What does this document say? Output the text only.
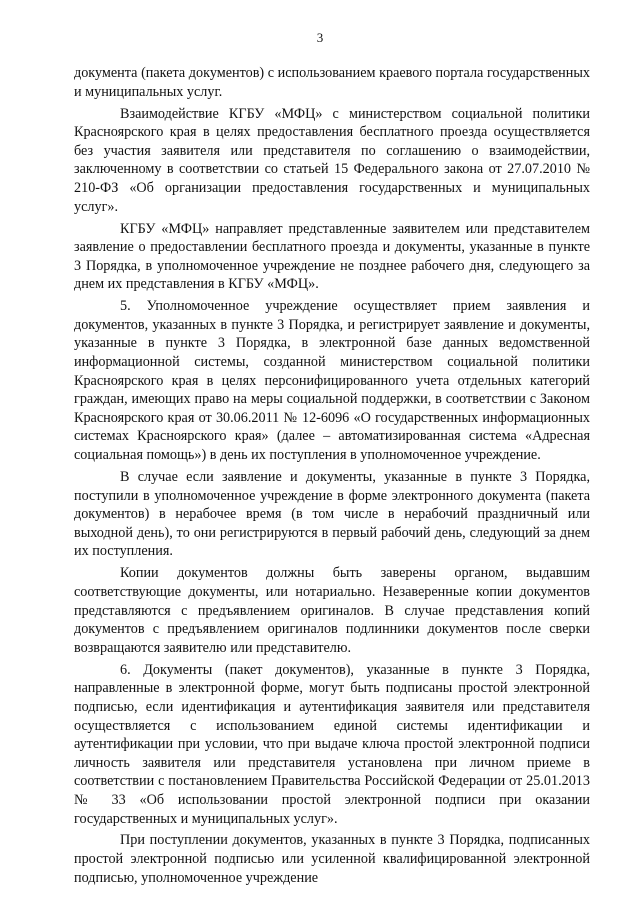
3

документа (пакета документов) с использованием краевого портала государственных и муниципальных услуг.

Взаимодействие КГБУ «МФЦ» с министерством социальной политики Красноярского края в целях предоставления бесплатного проезда осуществляется без участия заявителя или представителя по соглашению о взаимодействии, заключенному в соответствии со статьей 15 Федерального закона от 27.07.2010 № 210-ФЗ «Об организации предоставления государственных и муниципальных услуг».

КГБУ «МФЦ» направляет представленные заявителем или представителем заявление о предоставлении бесплатного проезда и документы, указанные в пункте 3 Порядка, в уполномоченное учреждение не позднее рабочего дня, следующего за днем их представления в КГБУ «МФЦ».

5. Уполномоченное учреждение осуществляет прием заявления и документов, указанных в пункте 3 Порядка, и регистрирует заявление и документы, указанные в пункте 3 Порядка, в электронной базе данных ведомственной информационной системы, созданной министерством социальной политики Красноярского края в целях персонифицированного учета отдельных категорий граждан, имеющих право на меры социальной поддержки, в соответствии с Законом Красноярского края от 30.06.2011 № 12-6096 «О государственных информационных системах Красноярского края» (далее – автоматизированная система «Адресная социальная помощь») в день их поступления в уполномоченное учреждение.

В случае если заявление и документы, указанные в пункте 3 Порядка, поступили в уполномоченное учреждение в форме электронного документа (пакета документов) в нерабочее время (в том числе в нерабочий праздничный или выходной день), то они регистрируются в первый рабочий день, следующий за днем их поступления.

Копии документов должны быть заверены органом, выдавшим соответствующие документы, или нотариально. Незаверенные копии документов представляются с предъявлением оригиналов. В случае представления копий документов с предъявлением оригиналов подлинники документов после сверки возвращаются заявителю или представителю.

6. Документы (пакет документов), указанные в пункте 3 Порядка, направленные в электронной форме, могут быть подписаны простой электронной подписью, если идентификация и аутентификация заявителя или представителя осуществляется с использованием единой системы идентификации и аутентификации при условии, что при выдаче ключа простой электронной подписи личность заявителя или представителя установлена при личном приеме в соответствии с постановлением Правительства Российской Федерации от 25.01.2013 № 33 «Об использовании простой электронной подписи при оказании государственных и муниципальных услуг».

При поступлении документов, указанных в пункте 3 Порядка, подписанных простой электронной подписью или усиленной квалифицированной электронной подписью, уполномоченное учреждение
